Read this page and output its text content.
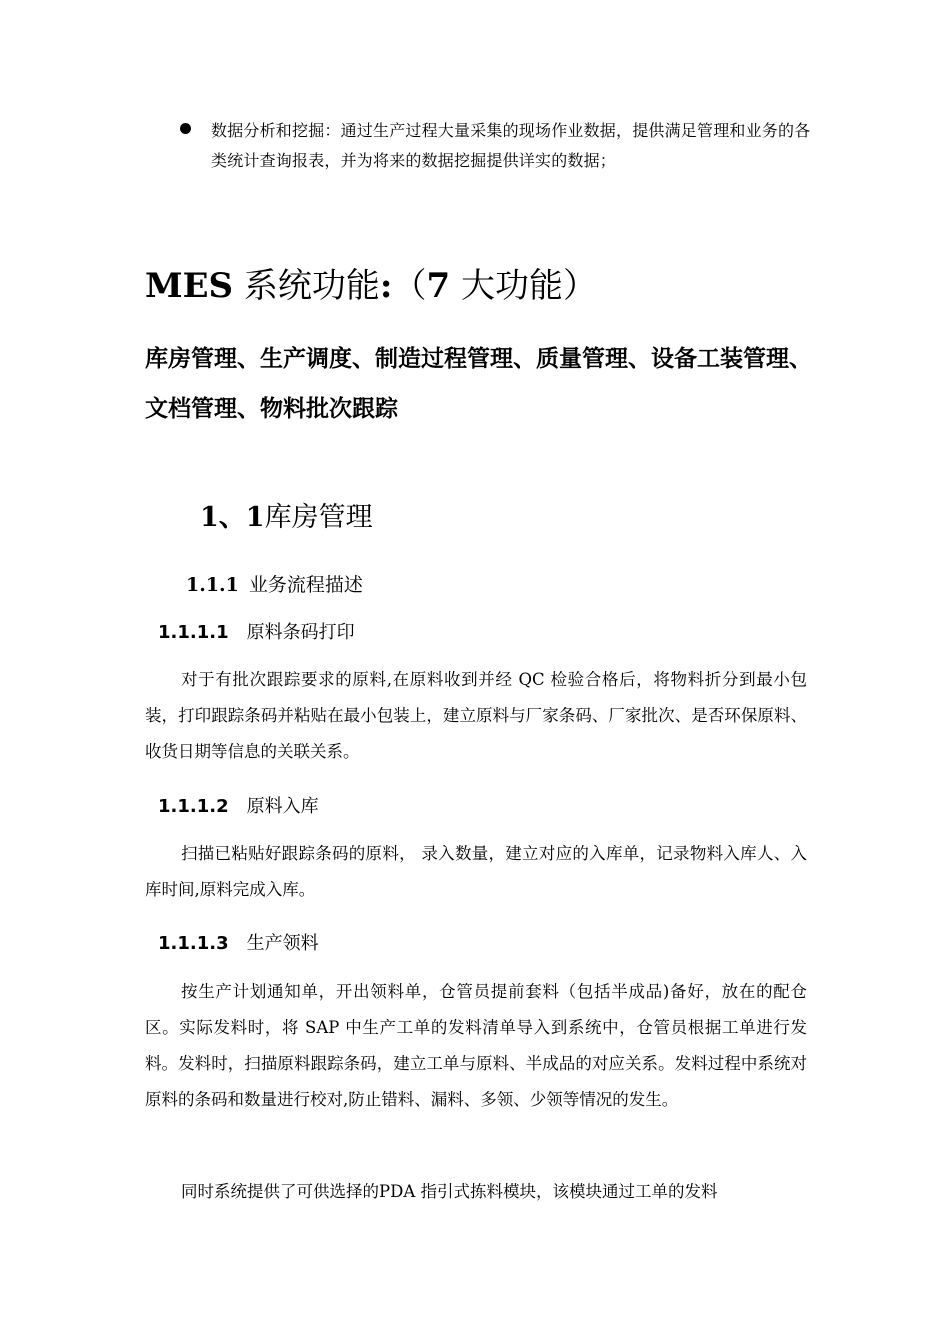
数据分析和挖掘：通过生产过程大量采集的现场作业数据，提供满足管理和业务的各类统计查询报表，并为将来的数据挖掘提供详实的数据；
MES 系统功能:（7 大功能）

库房管理、生产调度、制造过程管理、质量管理、设备工装管理、文档管理、物料批次跟踪

1、1库房管理
1.1.1 业务流程描述
1.1.1.1 原料条码打印

对于有批次跟踪要求的原料,在原料收到并经 QC 检验合格后，将物料折分到最小包装，打印跟踪条码并粘贴在最小包装上，建立原料与厂家条码、厂家批次、是否环保原料、收货日期等信息的关联关系。

1.1.1.2 原料入库

扫描已粘贴好跟踪条码的原料， 录入数量，建立对应的入库单，记录物料入库人、入库时间,原料完成入库。

1.1.1.3 生产领料

按生产计划通知单，开出领料单，仓管员提前套料（包括半成品)备好，放在的配仓区。实际发料时，将 SAP 中生产工单的发料清单导入到系统中，仓管员根据工单进行发料。发料时，扫描原料跟踪条码，建立工单与原料、半成品的对应关系。发料过程中系统对原料的条码和数量进行校对,防止错料、漏料、多领、少领等情况的发生。

同时系统提供了可供选择的PDA 指引式拣料模块，该模块通过工单的发料
